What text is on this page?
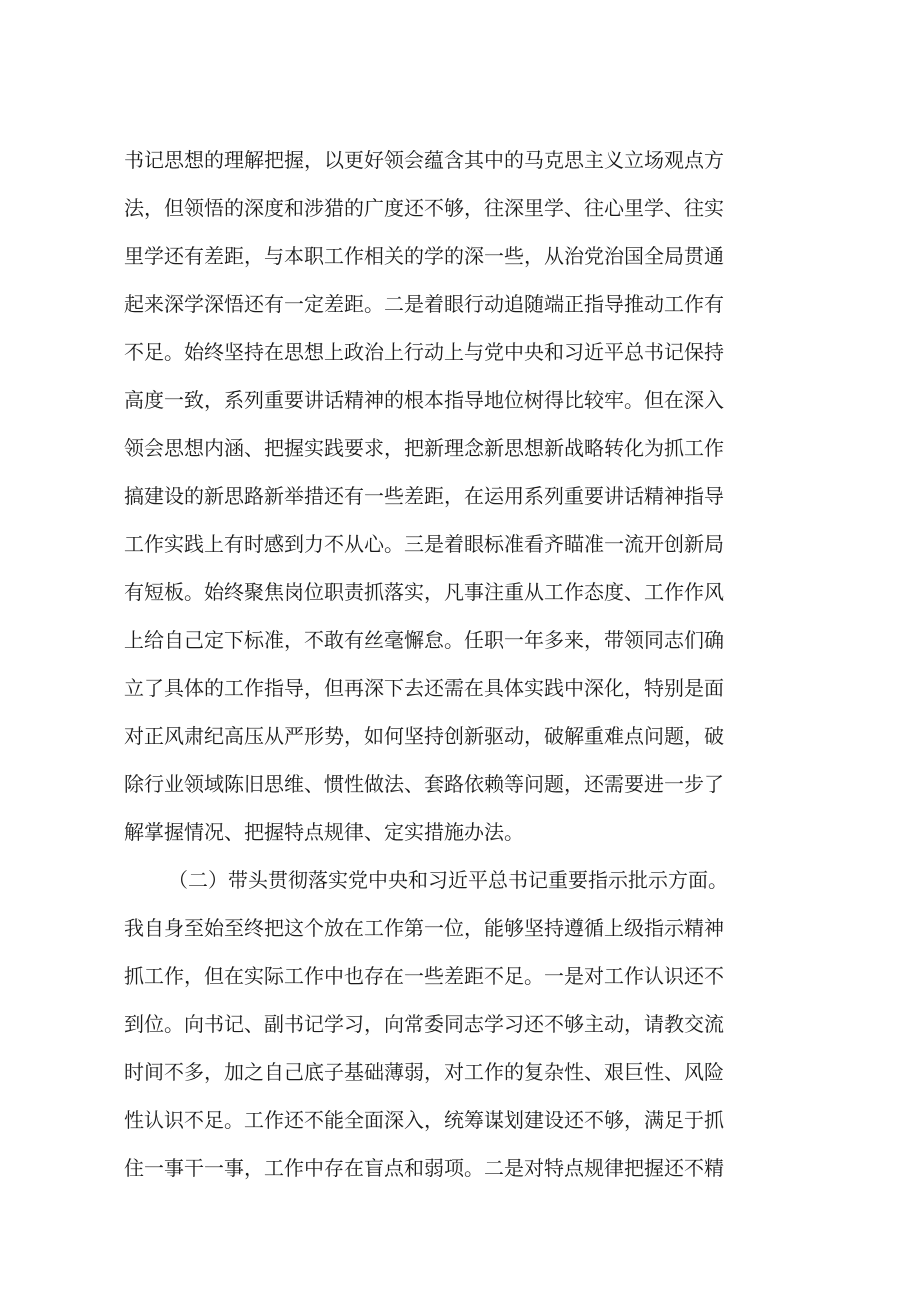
书记思想的理解把握，以更好领会蕴含其中的马克思主义立场观点方
法，但领悟的深度和涉猎的广度还不够，往深里学、往心里学、往实
里学还有差距，与本职工作相关的学的深一些，从治党治国全局贯通
起来深学深悟还有一定差距。二是着眼行动追随端正指导推动工作有
不足。始终坚持在思想上政治上行动上与党中央和习近平总书记保持
高度一致，系列重要讲话精神的根本指导地位树得比较牢。但在深入
领会思想内涵、把握实践要求，把新理念新思想新战略转化为抓工作
搞建设的新思路新举措还有一些差距，在运用系列重要讲话精神指导
工作实践上有时感到力不从心。三是着眼标准看齐瞄准一流开创新局
有短板。始终聚焦岗位职责抓落实，凡事注重从工作态度、工作作风
上给自己定下标准，不敢有丝毫懈怠。任职一年多来，带领同志们确
立了具体的工作指导，但再深下去还需在具体实践中深化，特别是面
对正风肃纪高压从严形势，如何坚持创新驱动，破解重难点问题，破
除行业领域陈旧思维、惯性做法、套路依赖等问题，还需要进一步了
解掌握情况、把握特点规律、定实措施办法。
（二）带头贯彻落实党中央和习近平总书记重要指示批示方面。
我自身至始至终把这个放在工作第一位，能够坚持遵循上级指示精神
抓工作，但在实际工作中也存在一些差距不足。一是对工作认识还不
到位。向书记、副书记学习，向常委同志学习还不够主动，请教交流
时间不多，加之自己底子基础薄弱，对工作的复杂性、艰巨性、风险
性认识不足。工作还不能全面深入，统筹谋划建设还不够，满足于抓
住一事干一事，工作中存在盲点和弱项。二是对特点规律把握还不精
